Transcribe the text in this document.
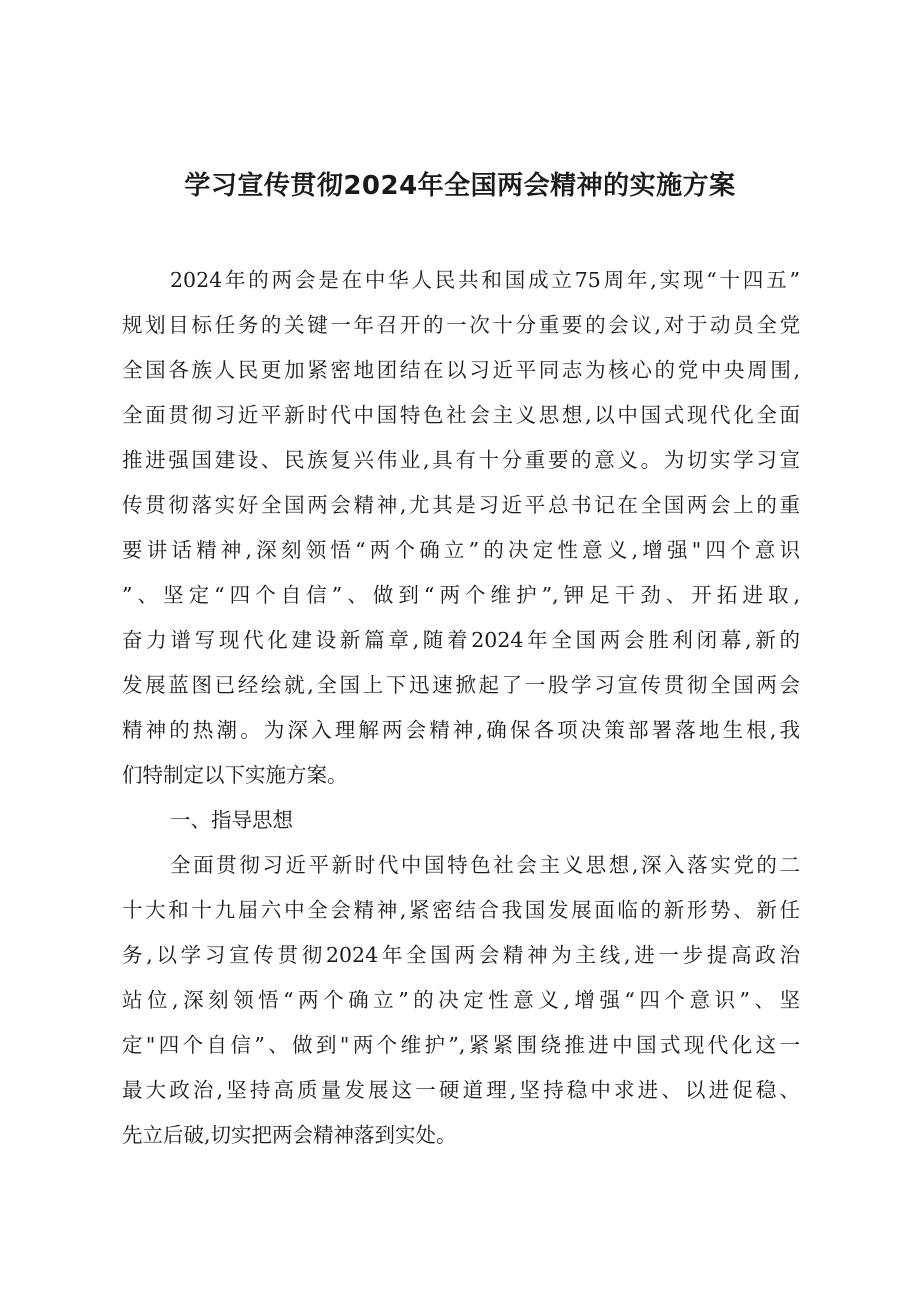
学习宣传贯彻2024年全国两会精神的实施方案
2024年的两会是在中华人民共和国成立75周年,实现“十四五”
规划目标任务的关键一年召开的一次十分重要的会议,对于动员全党
全国各族人民更加紧密地团结在以习近平同志为核心的党中央周围,
全面贯彻习近平新时代中国特色社会主义思想,以中国式现代化全面
推进强国建设、民族复兴伟业,具有十分重要的意义。为切实学习宣
传贯彻落实好全国两会精神,尤其是习近平总书记在全国两会上的重
要讲话精神,深刻领悟“两个确立”的决定性意义,增强"四个意识
”、坚定“四个自信”、做到“两个维护”,钾足干劲、开拓进取,
奋力谱写现代化建设新篇章,随着2024年全国两会胜利闭幕,新的
发展蓝图已经绘就,全国上下迅速掀起了一股学习宣传贯彻全国两会
精神的热潮。为深入理解两会精神,确保各项决策部署落地生根,我
们特制定以下实施方案。
一、指导思想
全面贯彻习近平新时代中国特色社会主义思想,深入落实党的二
十大和十九届六中全会精神,紧密结合我国发展面临的新形势、新任
务,以学习宣传贯彻2024年全国两会精神为主线,进一步提高政治
站位,深刻领悟“两个确立”的决定性意义,增强“四个意识”、坚
定"四个自信”、做到"两个维护”,紧紧围绕推进中国式现代化这一
最大政治,坚持高质量发展这一硬道理,坚持稳中求进、以进促稳、
先立后破,切实把两会精神落到实处。
